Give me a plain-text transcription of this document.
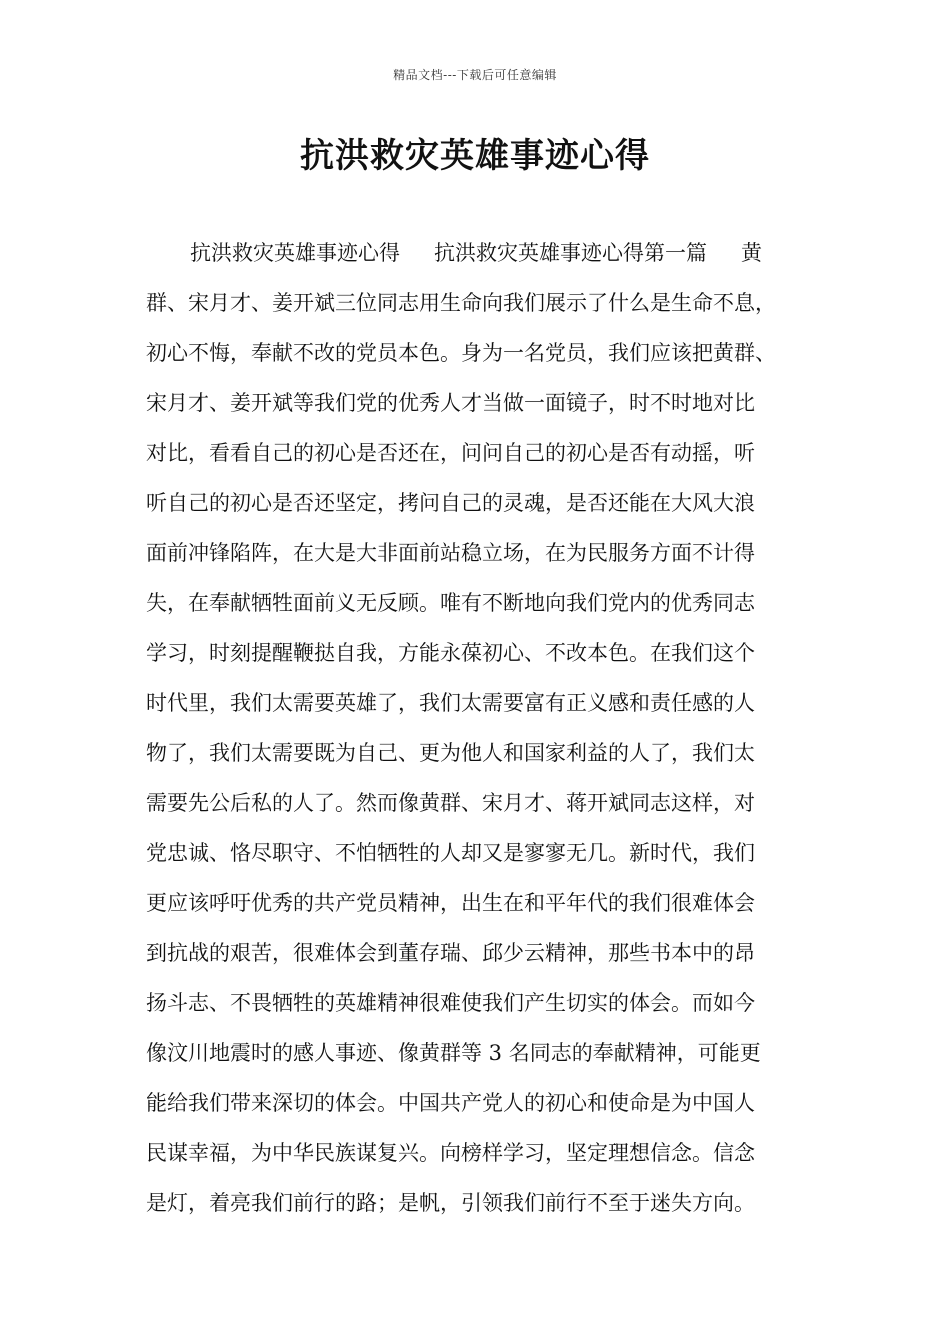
精品文档---下载后可任意编辑
抗洪救灾英雄事迹心得
抗洪救灾英雄事迹心得 抗洪救灾英雄事迹心得第一篇 黄
群、宋月才、姜开斌三位同志用生命向我们展示了什么是生命不息，
初心不悔，奉献不改的党员本色。身为一名党员，我们应该把黄群、
宋月才、姜开斌等我们党的优秀人才当做一面镜子，时不时地对比
对比，看看自己的初心是否还在，问问自己的初心是否有动摇，听
听自己的初心是否还坚定，拷问自己的灵魂，是否还能在大风大浪
面前冲锋陷阵，在大是大非面前站稳立场，在为民服务方面不计得
失，在奉献牺牲面前义无反顾。唯有不断地向我们党内的优秀同志
学习，时刻提醒鞭挞自我，方能永葆初心、不改本色。在我们这个
时代里，我们太需要英雄了，我们太需要富有正义感和责任感的人
物了，我们太需要既为自己、更为他人和国家利益的人了，我们太
需要先公后私的人了。然而像黄群、宋月才、蒋开斌同志这样，对
党忠诚、恪尽职守、不怕牺牲的人却又是寥寥无几。新时代，我们
更应该呼吁优秀的共产党员精神，出生在和平年代的我们很难体会
到抗战的艰苦，很难体会到董存瑞、邱少云精神，那些书本中的昂
扬斗志、不畏牺牲的英雄精神很难使我们产生切实的体会。而如今
像汶川地震时的感人事迹、像黄群等 3 名同志的奉献精神，可能更
能给我们带来深切的体会。中国共产党人的初心和使命是为中国人
民谋幸福，为中华民族谋复兴。向榜样学习，坚定理想信念。信念
是灯，着亮我们前行的路；是帆，引领我们前行不至于迷失方向。
